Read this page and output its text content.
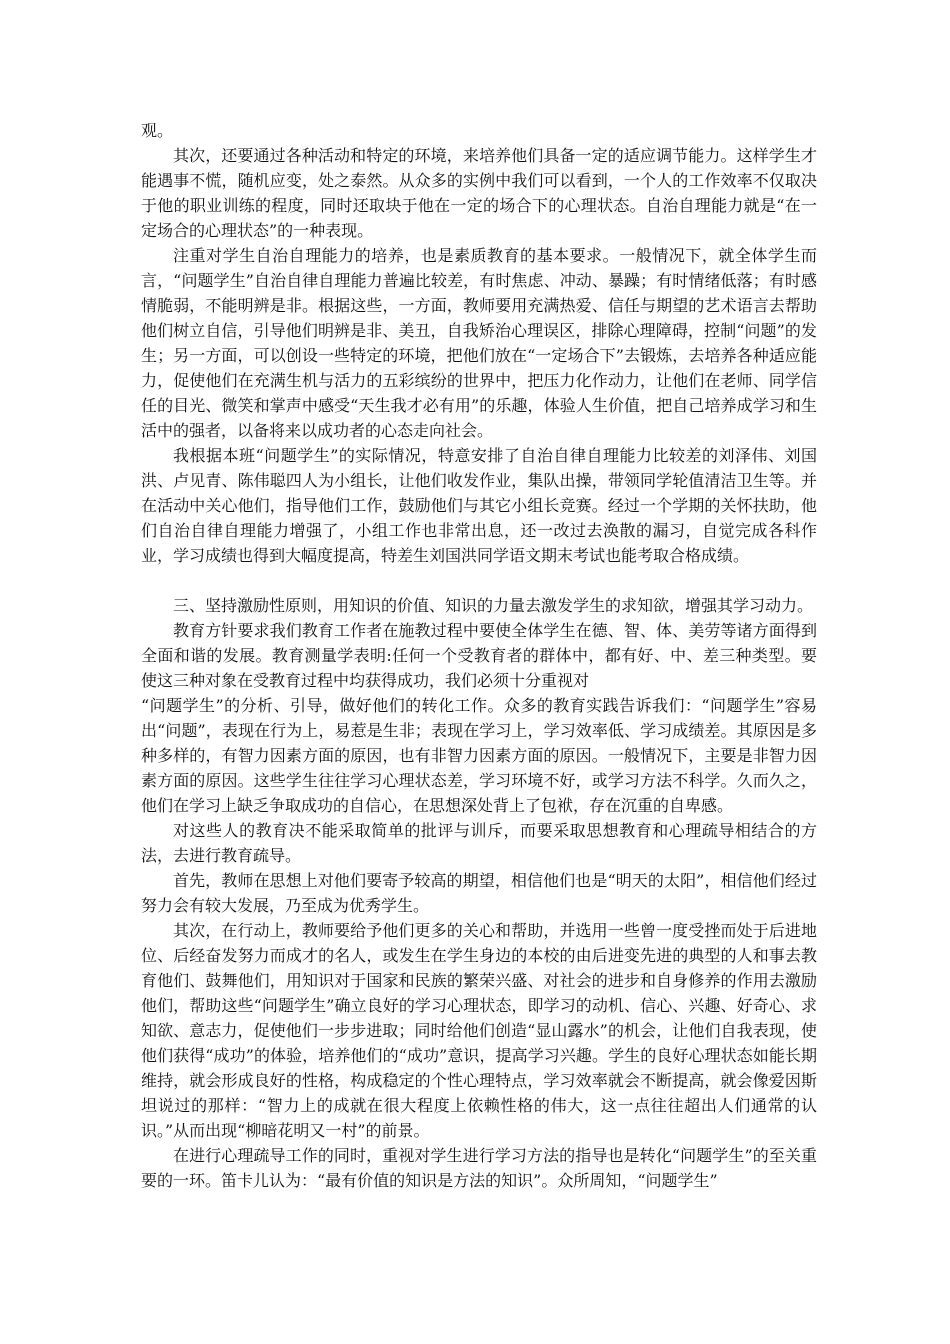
观。

其次，还要通过各种活动和特定的环境，来培养他们具备一定的适应调节能力。这样学生才能遇事不慌，随机应变，处之泰然。从众多的实例中我们可以看到，一个人的工作效率不仅取决于他的职业训练的程度，同时还取块于他在一定的场合下的心理状态。自治自理能力就是“在一定场合的心理状态”的一种表现。

注重对学生自治自理能力的培养，也是素质教育的基本要求。一般情况下，就全体学生而言，“问题学生”自治自律自理能力普遍比较差，有时焦虑、冲动、暴躁；有时情绪低落；有时感情脆弱，不能明辨是非。根据这些，一方面，教师要用充满热爱、信任与期望的艺术语言去帮助他们树立自信，引导他们明辨是非、美丑，自我矫治心理误区，排除心理障碍，控制“问题”的发生；另一方面，可以创设一些特定的环境，把他们放在“一定场合下”去锻炼，去培养各种适应能力，促使他们在充满生机与活力的五彩缤纷的世界中，把压力化作动力，让他们在老师、同学信任的目光、微笑和掌声中感受“天生我才必有用”的乐趣，体验人生价值，把自己培养成学习和生活中的强者，以备将来以成功者的心态走向社会。

我根据本班“问题学生”的实际情况，特意安排了自治自律自理能力比较差的刘泽伟、刘国洪、卢见青、陈伟聪四人为小组长，让他们收发作业，集队出操，带领同学轮值清洁卫生等。并在活动中关心他们，指导他们工作，鼓励他们与其它小组长竞赛。经过一个学期的关怀扶助，他们自治自律自理能力增强了，小组工作也非常出息，还一改过去涣散的漏习，自觉完成各科作业，学习成绩也得到大幅度提高，特差生刘国洪同学语文期末考试也能考取合格成绩。

三、坚持激励性原则，用知识的价值、知识的力量去激发学生的求知欲，增强其学习动力。

教育方针要求我们教育工作者在施教过程中要使全体学生在德、智、体、美劳等诸方面得到全面和谐的发展。教育测量学表明:任何一个受教育者的群体中，都有好、中、差三种类型。要使这三种对象在受教育过程中均获得成功，我们必须十分重视对

“问题学生”的分析、引导，做好他们的转化工作。众多的教育实践告诉我们：“问题学生”容易出“问题”，表现在行为上，易惹是生非；表现在学习上，学习效率低、学习成绩差。其原因是多种多样的，有智力因素方面的原因，也有非智力因素方面的原因。一般情况下，主要是非智力因素方面的原因。这些学生往往学习心理状态差，学习环境不好，或学习方法不科学。久而久之，他们在学习上缺乏争取成功的自信心，在思想深处背上了包袱，存在沉重的自卑感。

对这些人的教育决不能采取简单的批评与训斥，而要采取思想教育和心理疏导相结合的方法，去进行教育疏导。

首先，教师在思想上对他们要寄予较高的期望，相信他们也是“明天的太阳”，相信他们经过努力会有较大发展，乃至成为优秀学生。

其次，在行动上，教师要给予他们更多的关心和帮助，并选用一些曾一度受挫而处于后进地位、后经奋发努力而成才的名人，或发生在学生身边的本校的由后进变先进的典型的人和事去教育他们、鼓舞他们，用知识对于国家和民族的繁荣兴盛、对社会的进步和自身修养的作用去激励他们，帮助这些“问题学生”确立良好的学习心理状态，即学习的动机、信心、兴趣、好奇心、求知欲、意志力，促使他们一步步进取；同时给他们创造“显山露水”的机会，让他们自我表现，使他们获得“成功”的体验，培养他们的“成功”意识，提高学习兴趣。学生的良好心理状态如能长期维持，就会形成良好的性格，构成稳定的个性心理特点，学习效率就会不断提高，就会像爱因斯坦说过的那样：“智力上的成就在很大程度上依赖性格的伟大，这一点往往超出人们通常的认识。”从而出现“柳暗花明又一村”的前景。

在进行心理疏导工作的同时，重视对学生进行学习方法的指导也是转化“问题学生”的至关重要的一环。笛卡儿认为：“最有价值的知识是方法的知识”。众所周知，“问题学生”
